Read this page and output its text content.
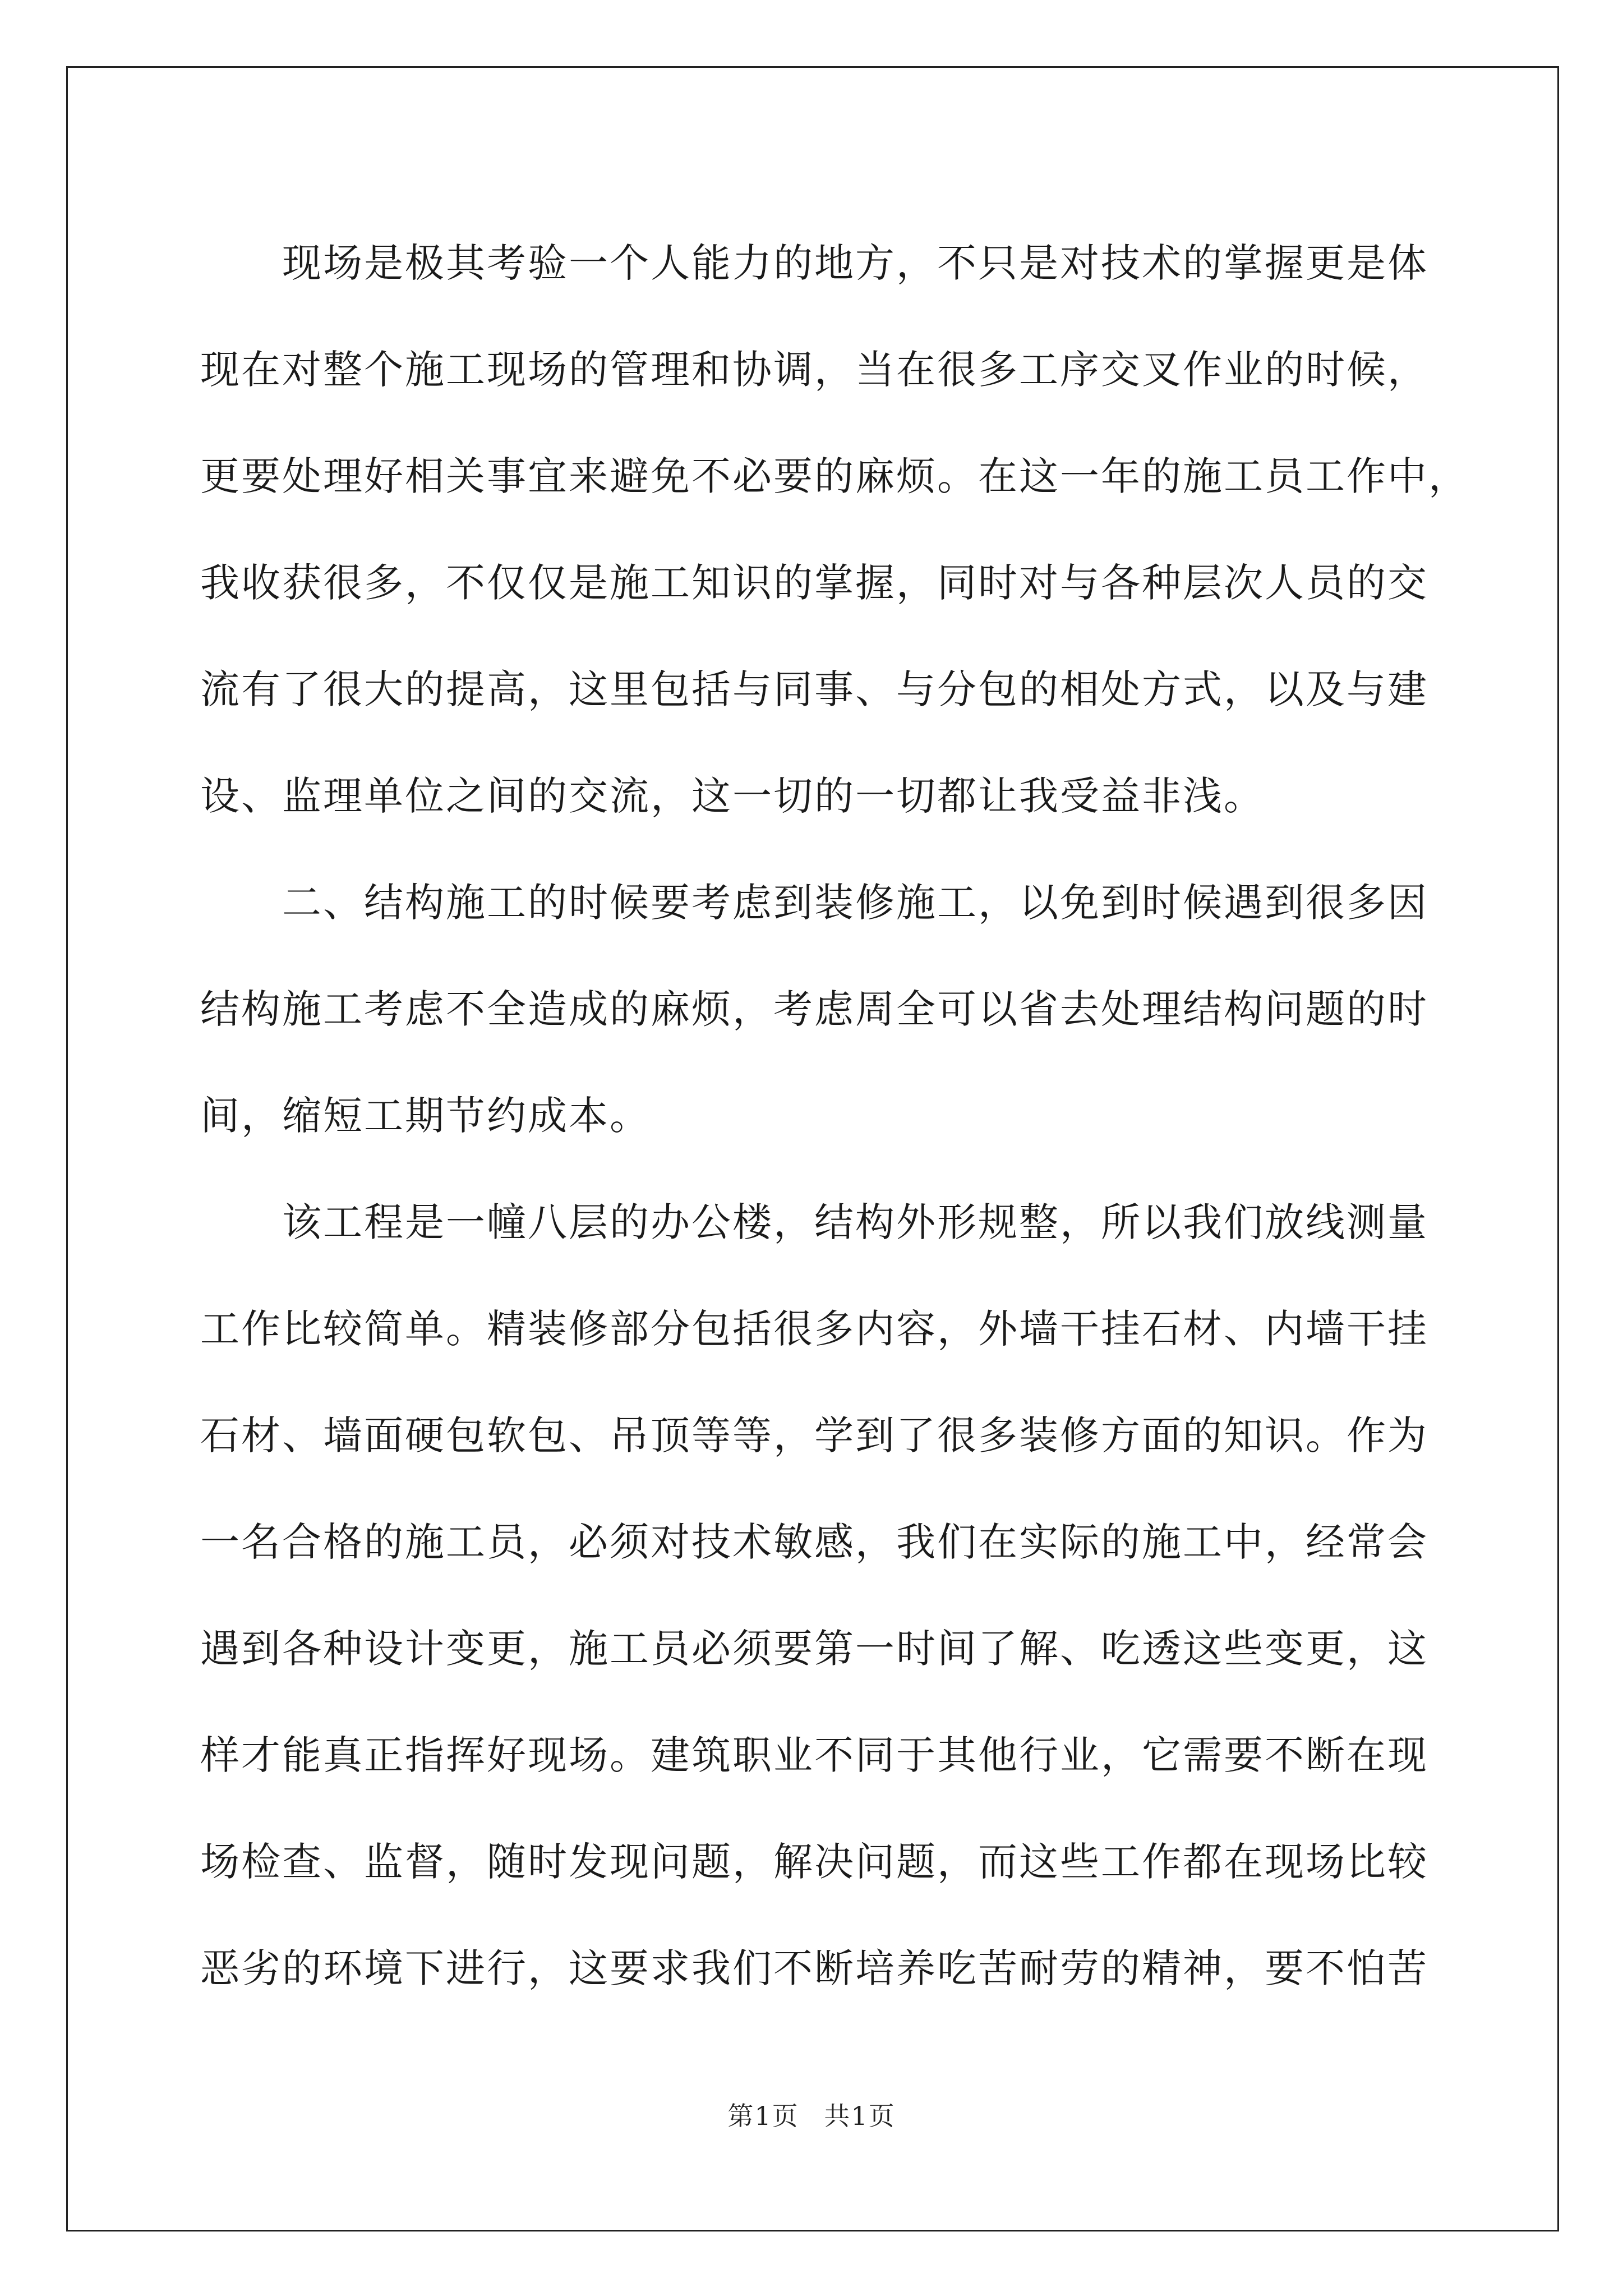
　　现场是极其考验一个人能力的地方，不只是对技术的掌握更是体
现在对整个施工现场的管理和协调，当在很多工序交叉作业的时候，
更要处理好相关事宜来避免不必要的麻烦。在这一年的施工员工作中，
我收获很多，不仅仅是施工知识的掌握，同时对与各种层次人员的交
流有了很大的提高，这里包括与同事、与分包的相处方式，以及与建
设、监理单位之间的交流，这一切的一切都让我受益非浅。
　　二、结构施工的时候要考虑到装修施工，以免到时候遇到很多因
结构施工考虑不全造成的麻烦，考虑周全可以省去处理结构问题的时
间，缩短工期节约成本。
　　该工程是一幢八层的办公楼，结构外形规整，所以我们放线测量
工作比较简单。精装修部分包括很多内容，外墙干挂石材、内墙干挂
石材、墙面硬包软包、吊顶等等，学到了很多装修方面的知识。作为
一名合格的施工员，必须对技术敏感，我们在实际的施工中，经常会
遇到各种设计变更，施工员必须要第一时间了解、吃透这些变更，这
样才能真正指挥好现场。建筑职业不同于其他行业，它需要不断在现
场检查、监督，随时发现问题，解决问题，而这些工作都在现场比较
恶劣的环境下进行，这要求我们不断培养吃苦耐劳的精神，要不怕苦
第1页 共1页
